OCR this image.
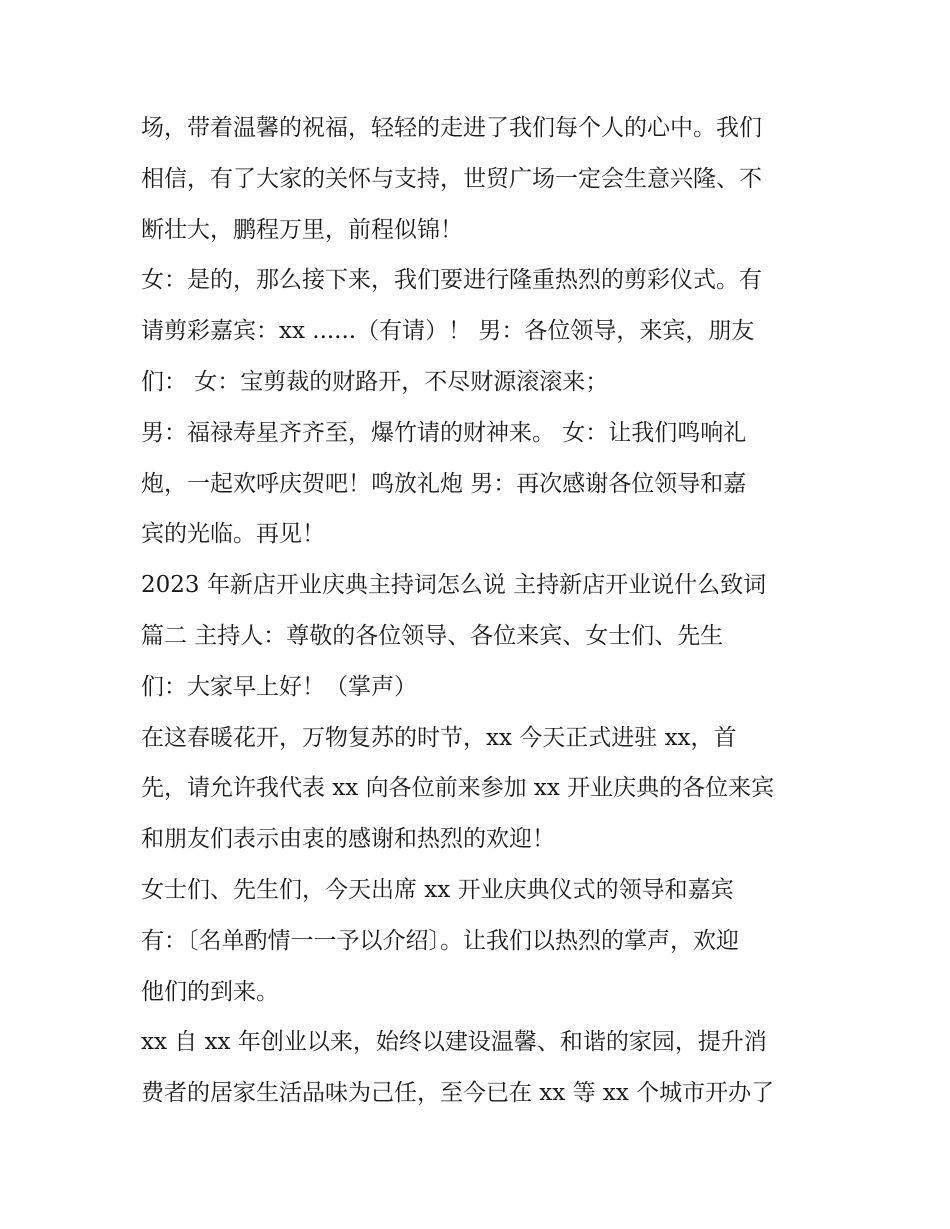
场，带着温馨的祝福，轻轻的走进了我们每个人的心中。我们
相信，有了大家的关怀与支持，世贸广场一定会生意兴隆、不
断壮大，鹏程万里，前程似锦！
女：是的，那么接下来，我们要进行隆重热烈的剪彩仪式。有
请剪彩嘉宾：xx ......（有请）！ 男：各位领导，来宾，朋友
们： 女：宝剪裁的财路开，不尽财源滚滚来；
男：福禄寿星齐齐至，爆竹请的财神来。 女：让我们鸣响礼
炮，一起欢呼庆贺吧！鸣放礼炮 男：再次感谢各位领导和嘉
宾的光临。再见！
2023 年新店开业庆典主持词怎么说 主持新店开业说什么致词
篇二 主持人：尊敬的各位领导、各位来宾、女士们、先生
们：大家早上好！（掌声）
在这春暖花开，万物复苏的时节，xx 今天正式进驻 xx，首
先，请允许我代表 xx 向各位前来参加 xx 开业庆典的各位来宾
和朋友们表示由衷的感谢和热烈的欢迎！
女士们、先生们，今天出席 xx 开业庆典仪式的领导和嘉宾
有：〔名单酌情一一予以介绍〕。让我们以热烈的掌声，欢迎
他们的到来。
xx 自 xx 年创业以来，始终以建设温馨、和谐的家园，提升消
费者的居家生活品味为己任，至今已在 xx 等 xx 个城市开办了
